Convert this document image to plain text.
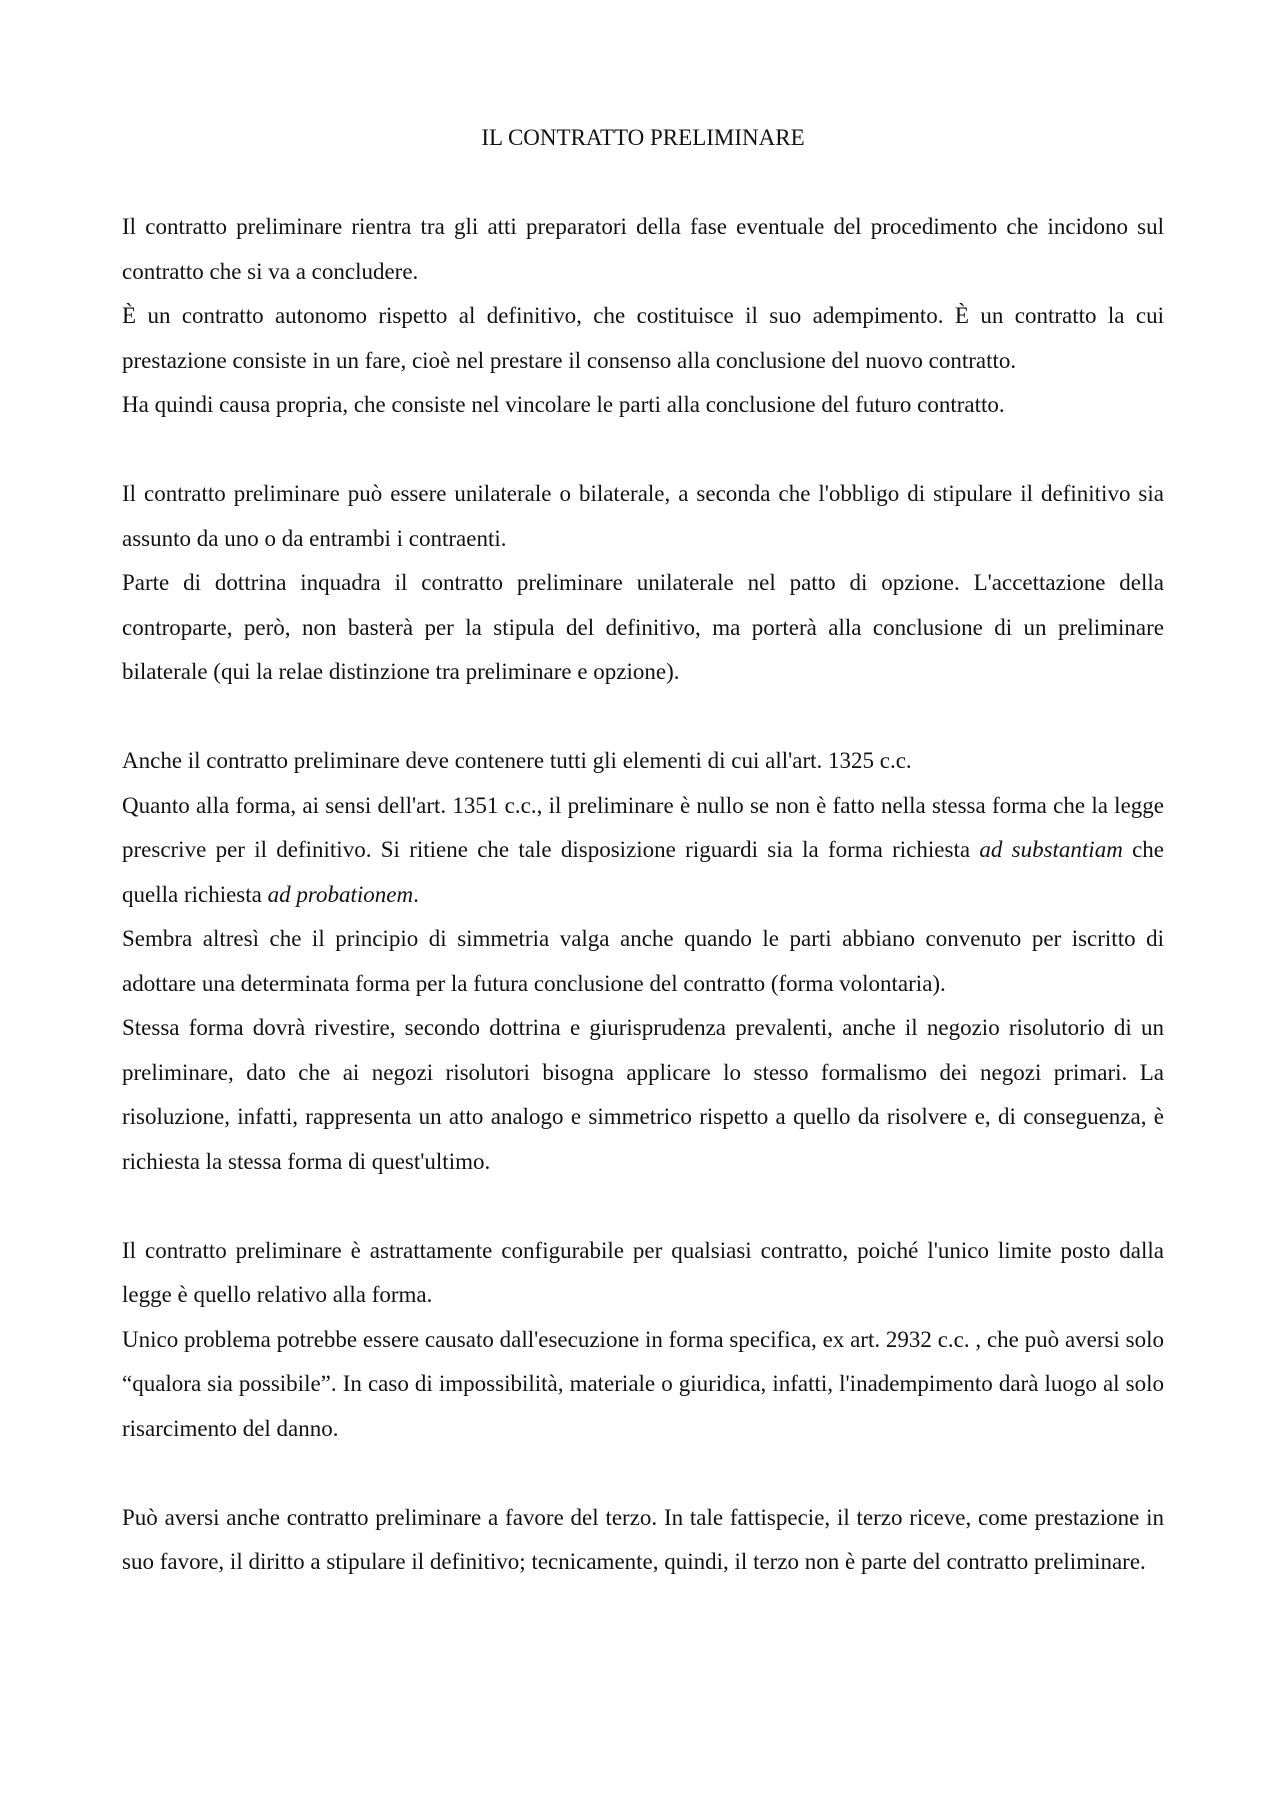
IL CONTRATTO PRELIMINARE

Il contratto preliminare rientra tra gli atti preparatori della fase eventuale del procedimento che incidono sul contratto che si va a concludere.

È un contratto autonomo rispetto al definitivo, che costituisce il suo adempimento. È un contratto la cui prestazione consiste in un fare, cioè nel prestare il consenso alla conclusione del nuovo contratto.

Ha quindi causa propria, che consiste nel vincolare le parti alla conclusione del futuro contratto.

Il contratto preliminare può essere unilaterale o bilaterale, a seconda che l'obbligo di stipulare il definitivo sia assunto da uno o da entrambi i contraenti.

Parte di dottrina inquadra il contratto preliminare unilaterale nel patto di opzione. L'accettazione della controparte, però, non basterà per la stipula del definitivo, ma porterà alla conclusione di un preliminare bilaterale (qui la relae distinzione tra preliminare e opzione).

Anche il contratto preliminare deve contenere tutti gli elementi di cui all'art. 1325 c.c.

Quanto alla forma, ai sensi dell'art. 1351 c.c., il preliminare è nullo se non è fatto nella stessa forma che la legge prescrive per il definitivo. Si ritiene che tale disposizione riguardi sia la forma richiesta ad substantiam che quella richiesta ad probationem.

Sembra altresì che il principio di simmetria valga anche quando le parti abbiano convenuto per iscritto di adottare una determinata forma per la futura conclusione del contratto (forma volontaria).

Stessa forma dovrà rivestire, secondo dottrina e giurisprudenza prevalenti, anche il negozio risolutorio di un preliminare, dato che ai negozi risolutori bisogna applicare lo stesso formalismo dei negozi primari. La risoluzione, infatti, rappresenta un atto analogo e simmetrico rispetto a quello da risolvere e, di conseguenza, è richiesta la stessa forma di quest'ultimo.

Il contratto preliminare è astrattamente configurabile per qualsiasi contratto, poiché l'unico limite posto dalla legge è quello relativo alla forma.

Unico problema potrebbe essere causato dall'esecuzione in forma specifica, ex art. 2932 c.c. , che può aversi solo “qualora sia possibile”. In caso di impossibilità, materiale o giuridica, infatti, l'inadempimento darà luogo al solo risarcimento del danno.

Può aversi anche contratto preliminare a favore del terzo. In tale fattispecie, il terzo riceve, come prestazione in suo favore, il diritto a stipulare il definitivo; tecnicamente, quindi, il terzo non è parte del contratto preliminare.
